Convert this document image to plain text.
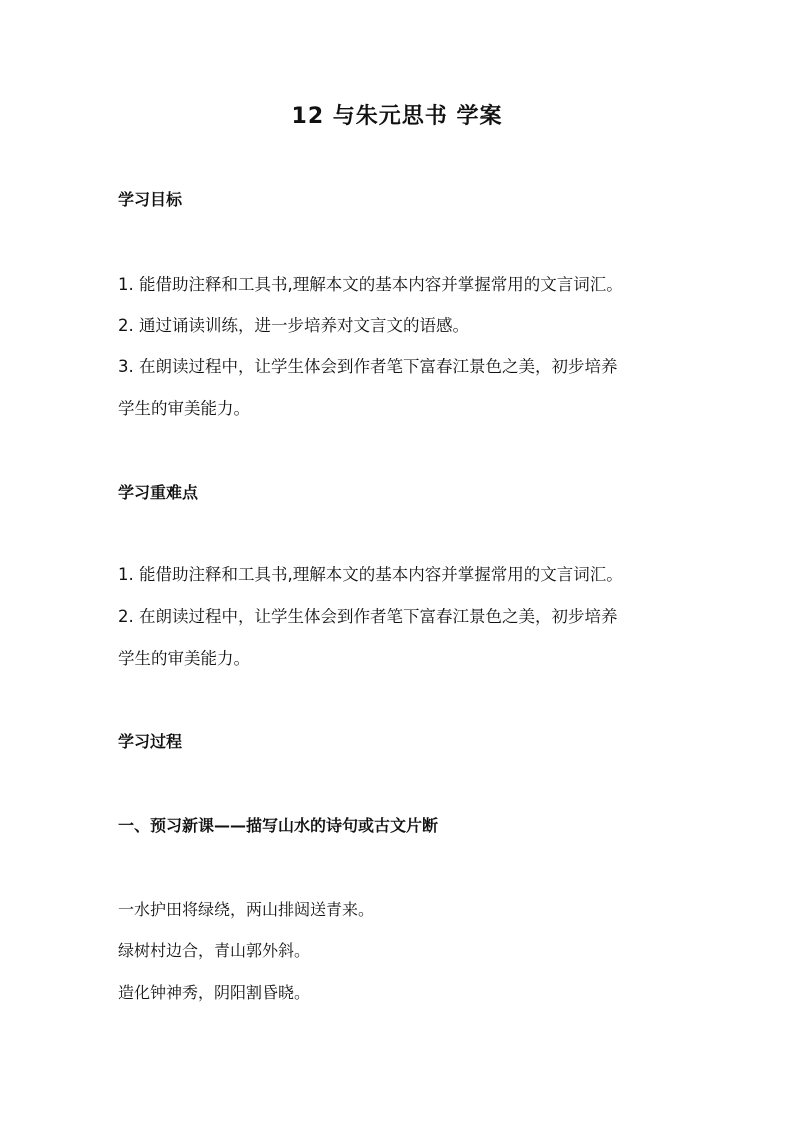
12 与朱元思书 学案
学习目标
1. 能借助注释和工具书,理解本文的基本内容并掌握常用的文言词汇。
2. 通过诵读训练，进一步培养对文言文的语感。
3. 在朗读过程中，让学生体会到作者笔下富春江景色之美，初步培养
学生的审美能力。
学习重难点
1. 能借助注释和工具书,理解本文的基本内容并掌握常用的文言词汇。
2. 在朗读过程中，让学生体会到作者笔下富春江景色之美，初步培养
学生的审美能力。
学习过程
一、预习新课——描写山水的诗句或古文片断
一水护田将绿绕，两山排闼送青来。
绿树村边合，青山郭外斜。
造化钟神秀，阴阳割昏晓。
